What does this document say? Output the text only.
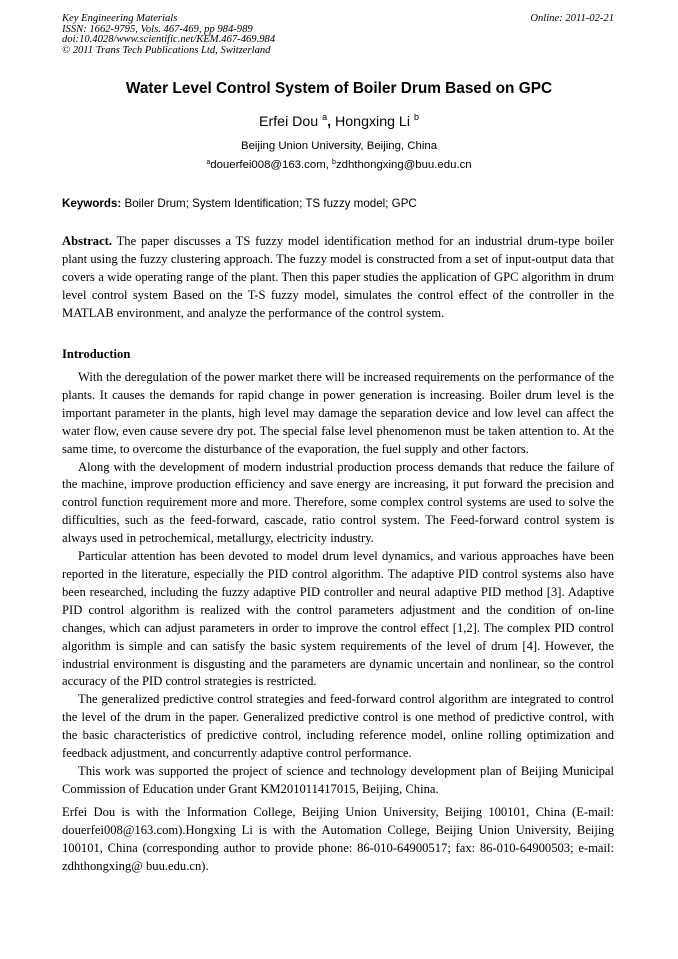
Key Engineering Materials
ISSN: 1662-9795, Vols. 467-469, pp 984-989
doi:10.4028/www.scientific.net/KEM.467-469.984
© 2011 Trans Tech Publications Ltd, Switzerland
Online: 2011-02-21
Water Level Control System of Boiler Drum Based on GPC
Erfei Dou $^a$, Hongxing Li $^b$
Beijing Union University, Beijing, China
$^a$douerfei008@163.com, $^b$zdhthongxing@buu.edu.cn
Keywords: Boiler Drum; System Identification; TS fuzzy model; GPC
Abstract. The paper discusses a TS fuzzy model identification method for an industrial drum-type boiler plant using the fuzzy clustering approach. The fuzzy model is constructed from a set of input-output data that covers a wide operating range of the plant. Then this paper studies the application of GPC algorithm in drum level control system Based on the T-S fuzzy model, simulates the control effect of the controller in the MATLAB environment, and analyze the performance of the control system.
Introduction

With the deregulation of the power market there will be increased requirements on the performance of the plants. It causes the demands for rapid change in power generation is increasing. Boiler drum level is the important parameter in the plants, high level may damage the separation device and low level can affect the water flow, even cause severe dry pot. The special false level phenomenon must be taken attention to. At the same time, to overcome the disturbance of the evaporation, the fuel supply and other factors.

Along with the development of modern industrial production process demands that reduce the failure of the machine, improve production efficiency and save energy are increasing, it put forward the precision and control function requirement more and more. Therefore, some complex control systems are used to solve the difficulties, such as the feed-forward, cascade, ratio control system. The Feed-forward control system is always used in petrochemical, metallurgy, electricity industry.

Particular attention has been devoted to model drum level dynamics, and various approaches have been reported in the literature, especially the PID control algorithm. The adaptive PID control systems also have been researched, including the fuzzy adaptive PID controller and neural adaptive PID method [3]. Adaptive PID control algorithm is realized with the control parameters adjustment and the condition of on-line changes, which can adjust parameters in order to improve the control effect [1,2]. The complex PID control algorithm is simple and can satisfy the basic system requirements of the level of drum [4]. However, the industrial environment is disgusting and the parameters are dynamic uncertain and nonlinear, so the control accuracy of the PID control strategies is restricted.

The generalized predictive control strategies and feed-forward control algorithm are integrated to control the level of the drum in the paper. Generalized predictive control is one method of predictive control, with the basic characteristics of predictive control, including reference model, online rolling optimization and feedback adjustment, and concurrently adaptive control performance.

This work was supported the project of science and technology development plan of Beijing Municipal Commission of Education under Grant KM201011417015, Beijing, China.

Erfei Dou is with the Information College, Beijing Union University, Beijing 100101, China (E-mail: douerfei008@163.com).Hongxing Li is with the Automation College, Beijing Union University, Beijing 100101, China (corresponding author to provide phone: 86-010-64900517; fax: 86-010-64900503; e-mail: zdhthongxing@ buu.edu.cn).
